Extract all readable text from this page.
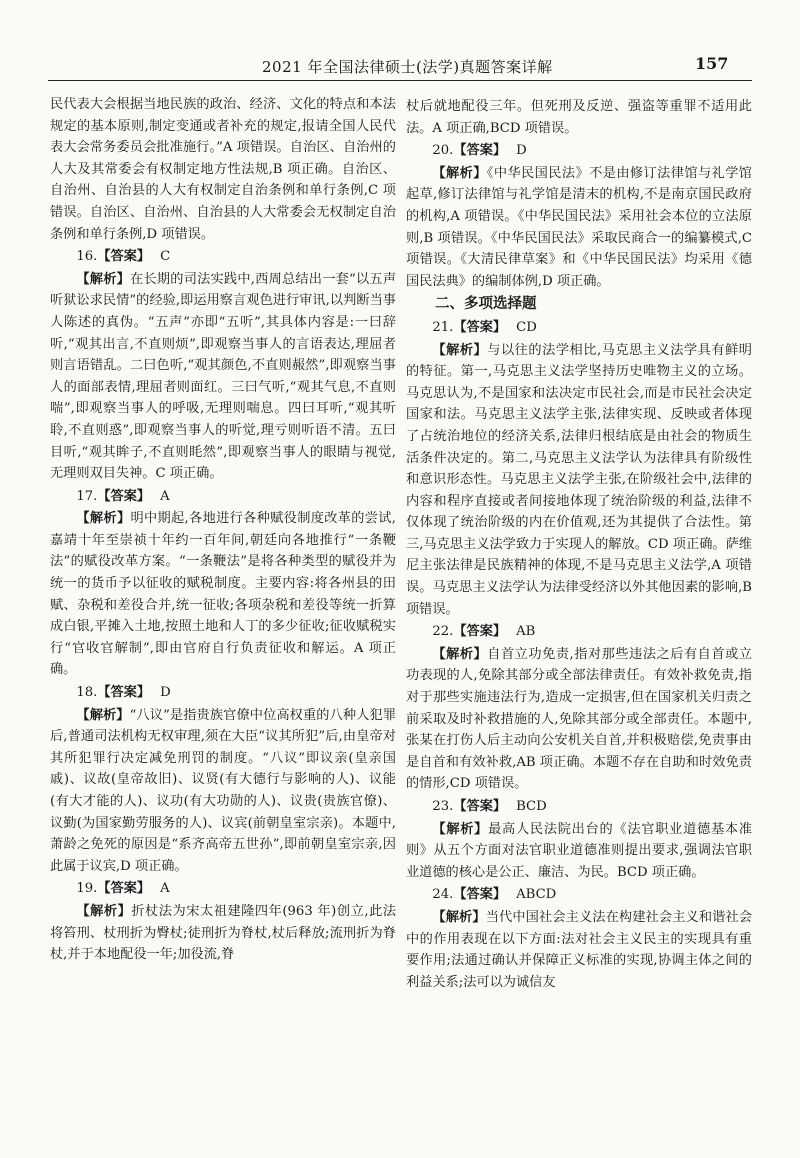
2021 年全国法律硕士(法学)真题答案详解	157

民代表大会根据当地民族的政治、经济、文化的特点和本法规定的基本原则,制定变通或者补充的规定,报请全国人民代表大会常务委员会批准施行。”A 项错误。自治区、自治州的人大及其常委会有权制定地方性法规,B 项正确。自治区、自治州、自治县的人大有权制定自治条例和单行条例,C 项错误。自治区、自治州、自治县的人大常委会无权制定自治条例和单行条例,D 项错误。

16.【答案】 C

【解析】在长期的司法实践中,西周总结出一套“以五声听狱讼求民情”的经验,即运用察言观色进行审讯,以判断当事人陈述的真伪。“五声”亦即“五听”,其具体内容是:一曰辞听,“观其出言,不直则烦”,即观察当事人的言语表达,理屈者则言语错乱。二曰色听,“观其颜色,不直则赧然”,即观察当事人的面部表情,理屈者则面红。三曰气听,“观其气息,不直则喘”,即观察当事人的呼吸,无理则喘息。四曰耳听,“观其听聆,不直则惑”,即观察当事人的听觉,理亏则听语不清。五曰目听,“观其眸子,不直则眊然”,即观察当事人的眼睛与视觉,无理则双目失神。C 项正确。

17.【答案】 A

【解析】明中期起,各地进行各种赋役制度改革的尝试,嘉靖十年至崇祯十年约一百年间,朝廷向各地推行“一条鞭法”的赋役改革方案。“一条鞭法”是将各种类型的赋役并为统一的货币予以征收的赋税制度。主要内容:将各州县的田赋、杂税和差役合并,统一征收;各项杂税和差役等统一折算成白银,平摊入土地,按照土地和人丁的多少征收;征收赋税实行“官收官解制”,即由官府自行负责征收和解运。A 项正确。

18.【答案】 D

【解析】“八议”是指贵族官僚中位高权重的八种人犯罪后,普通司法机构无权审理,须在大臣“议其所犯”后,由皇帝对其所犯罪行决定减免刑罚的制度。“八议”即议亲(皇亲国戚)、议故(皇帝故旧)、议贤(有大德行与影响的人)、议能(有大才能的人)、议功(有大功勋的人)、议贵(贵族官僚)、议勤(为国家勤劳服务的人)、议宾(前朝皇室宗亲)。本题中,萧龄之免死的原因是“系齐高帝五世孙”,即前朝皇室宗亲,因此属于议宾,D 项正确。

19.【答案】 A

【解析】折杖法为宋太祖建隆四年(963 年)创立,此法将笞刑、杖刑折为臀杖;徒刑折为脊杖,杖后释放;流刑折为脊杖,并于本地配役一年;加役流,脊

杖后就地配役三年。但死刑及反逆、强盗等重罪不适用此法。A 项正确,BCD 项错误。

20.【答案】 D

【解析】《中华民国民法》不是由修订法律馆与礼学馆起草,修订法律馆与礼学馆是清末的机构,不是南京国民政府的机构,A 项错误。《中华民国民法》采用社会本位的立法原则,B 项错误。《中华民国民法》采取民商合一的编纂模式,C 项错误。《大清民律草案》和《中华民国民法》均采用《德国民法典》的编制体例,D 项正确。

二、多项选择题

21.【答案】 CD

【解析】与以往的法学相比,马克思主义法学具有鲜明的特征。第一,马克思主义法学坚持历史唯物主义的立场。马克思认为,不是国家和法决定市民社会,而是市民社会决定国家和法。马克思主义法学主张,法律实现、反映或者体现了占统治地位的经济关系,法律归根结底是由社会的物质生活条件决定的。第二,马克思主义法学认为法律具有阶级性和意识形态性。马克思主义法学主张,在阶级社会中,法律的内容和程序直接或者间接地体现了统治阶级的利益,法律不仅体现了统治阶级的内在价值观,还为其提供了合法性。第三,马克思主义法学致力于实现人的解放。CD 项正确。萨维尼主张法律是民族精神的体现,不是马克思主义法学,A 项错误。马克思主义法学认为法律受经济以外其他因素的影响,B 项错误。

22.【答案】 AB

【解析】自首立功免责,指对那些违法之后有自首或立功表现的人,免除其部分或全部法律责任。有效补救免责,指对于那些实施违法行为,造成一定损害,但在国家机关归责之前采取及时补救措施的人,免除其部分或全部责任。本题中,张某在打伤人后主动向公安机关自首,并积极赔偿,免责事由是自首和有效补救,AB 项正确。本题不存在自助和时效免责的情形,CD 项错误。

23.【答案】 BCD

【解析】最高人民法院出台的《法官职业道德基本准则》从五个方面对法官职业道德准则提出要求,强调法官职业道德的核心是公正、廉洁、为民。BCD 项正确。

24.【答案】 ABCD

【解析】当代中国社会主义法在构建社会主义和谐社会中的作用表现在以下方面:法对社会主义民主的实现具有重要作用;法通过确认并保障正义标准的实现,协调主体之间的利益关系;法可以为诚信友
